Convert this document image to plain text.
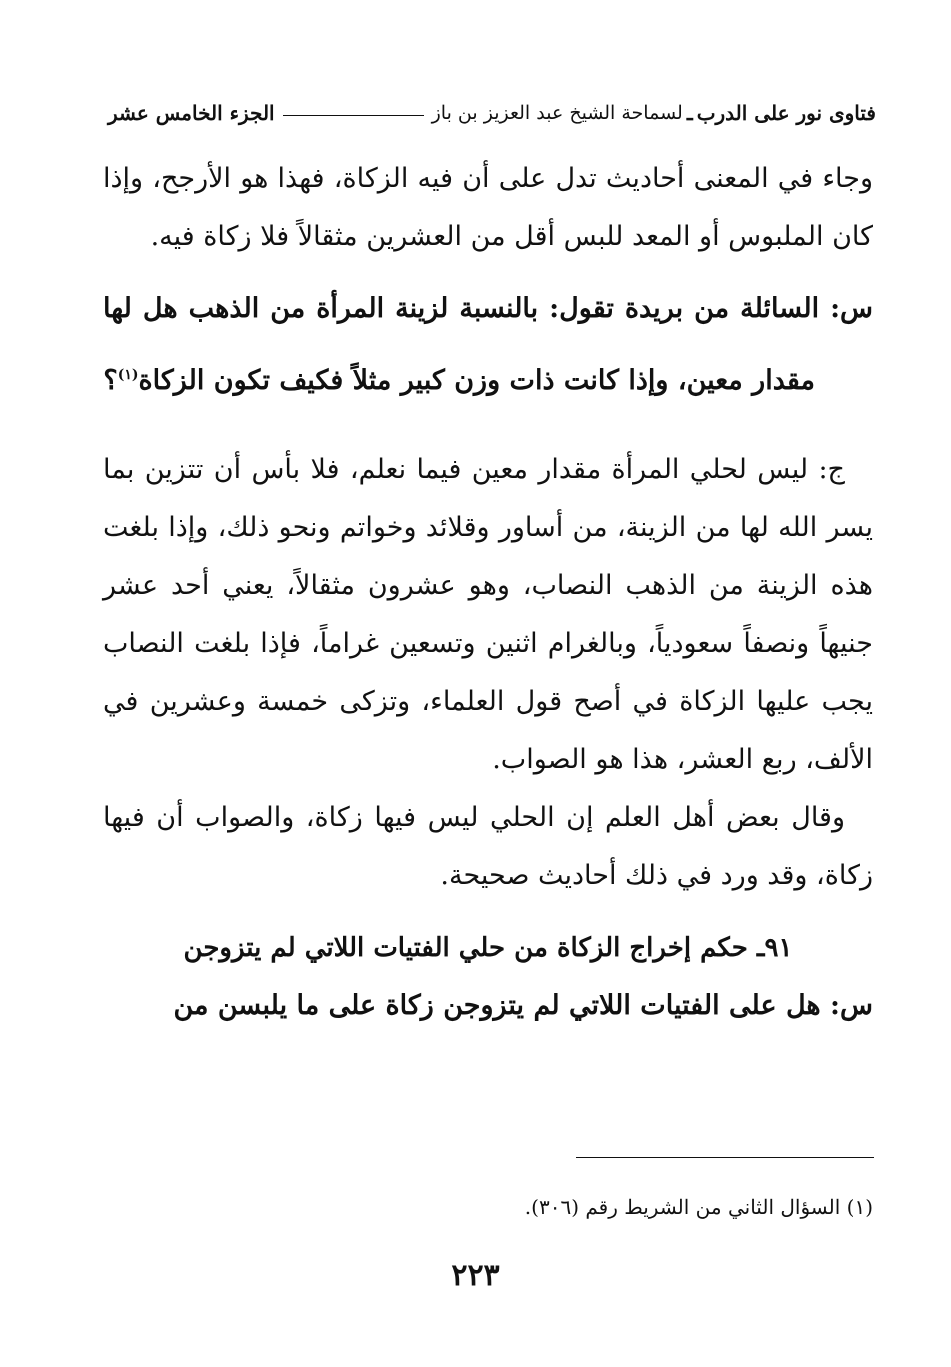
فتاوى نور على الدرب
ـ
لسماحة الشيخ عبد العزيز بن باز
الجزء الخامس عشر

وجاء في المعنى أحاديث تدل على أن فيه الزكاة، فهذا هو الأرجح، وإذا كان الملبوس أو المعد للبس أقل من العشرين مثقالاً فلا زكاة فيه.

س: السائلة من بريدة تقول: بالنسبة لزينة المرأة من الذهب هل لها مقدار معين، وإذا كانت ذات وزن كبير مثلاً فكيف تكون الزكاة$^{(١)}$؟

ج: ليس لحلي المرأة مقدار معين فيما نعلم، فلا بأس أن تتزين بما يسر الله لها من الزينة، من أساور وقلائد وخواتم ونحو ذلك، وإذا بلغت هذه الزينة من الذهب النصاب، وهو عشرون مثقالاً، يعني أحد عشر جنيهاً ونصفاً سعودياً، وبالغرام اثنين وتسعين غراماً، فإذا بلغت النصاب يجب عليها الزكاة في أصح قول العلماء، وتزكى خمسة وعشرين في الألف، ربع العشر، هذا هو الصواب.

وقال بعض أهل العلم إن الحلي ليس فيها زكاة، والصواب أن فيها زكاة، وقد ورد في ذلك أحاديث صحيحة.

٩١ـ حكم إخراج الزكاة من حلي الفتيات اللاتي لم يتزوجن

س: هل على الفتيات اللاتي لم يتزوجن زكاة على ما يلبسن من

(١) السؤال الثاني من الشريط رقم (٣٠٦).
٢٢٣
